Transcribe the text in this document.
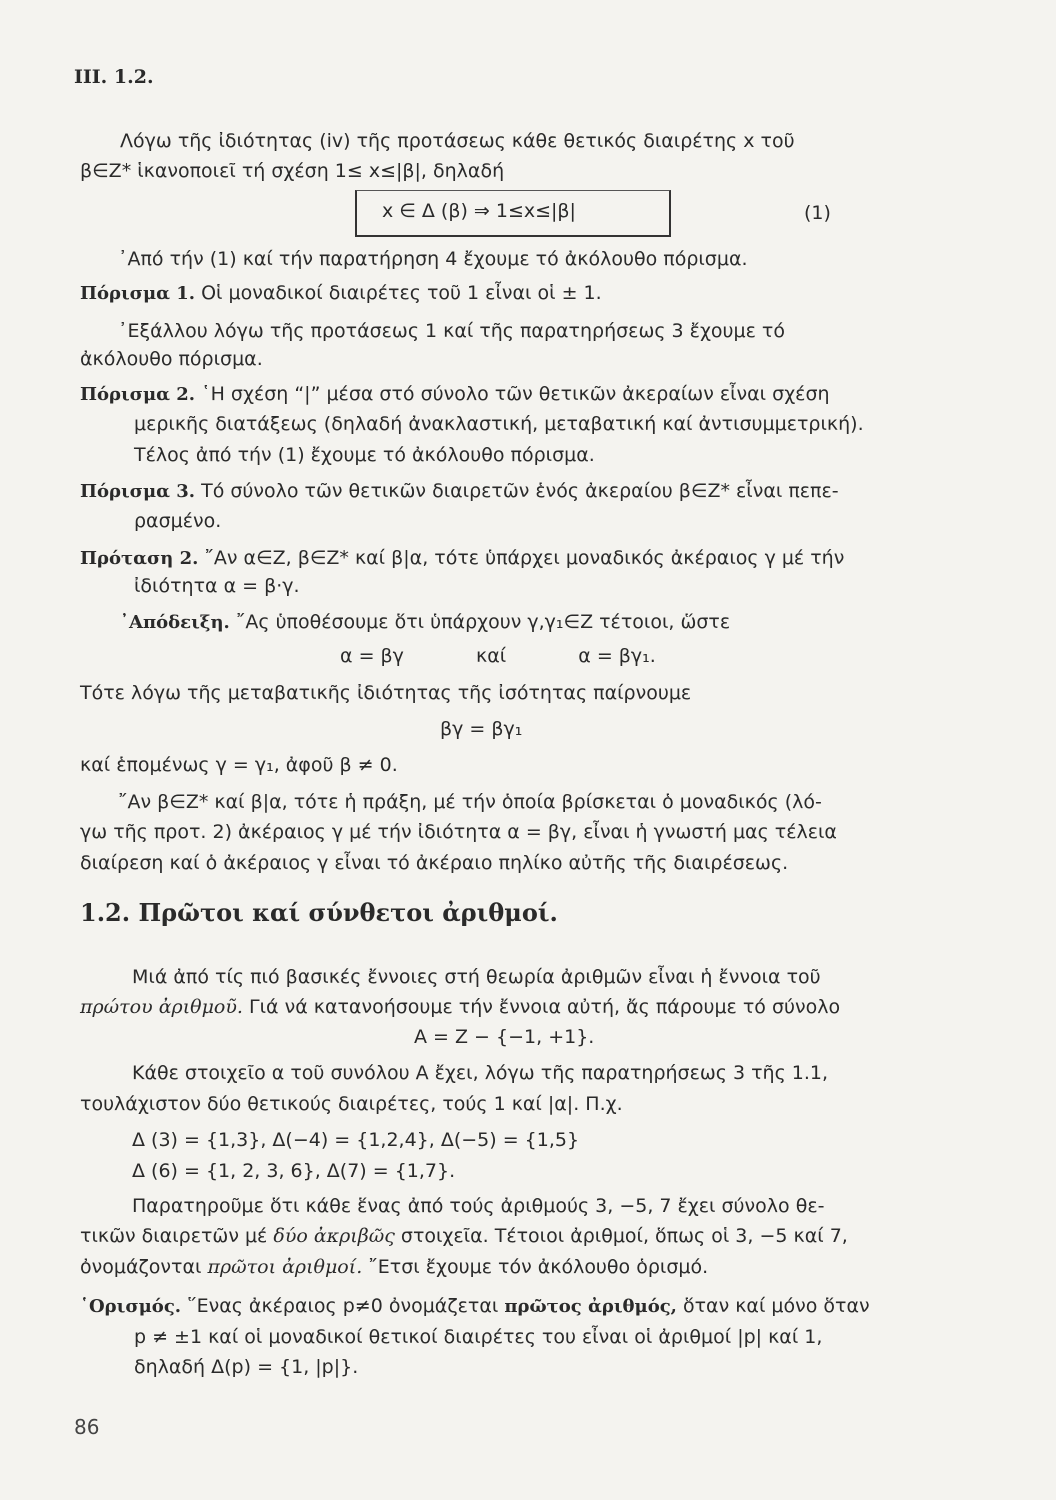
ΙΙΙ. 1.2.
Λόγω τῆς ἰδιότητας (iv) τῆς προτάσεως κάθε θετικός διαιρέτης x τοῦ
β∈Z* ἱκανοποιεῖ τή σχέση 1≤ x≤|β|, δηλαδή
x ∈ Δ (β) ⇒ 1≤x≤|β|	(1)
᾿Από τήν (1) καί τήν παρατήρηση 4 ἔχουμε τό ἀκόλουθο πόρισμα.
Πόρισμα 1. Οἱ μοναδικοί διαιρέτες τοῦ 1 εἶναι οἱ ± 1.
᾿Εξάλλου λόγω τῆς προτάσεως 1 καί τῆς παρατηρήσεως 3 ἔχουμε τό
ἀκόλουθο πόρισμα.
Πόρισμα 2. ῾Η σχέση “|” μέσα στό σύνολο τῶν θετικῶν ἀκεραίων εἶναι σχέση
μερικῆς διατάξεως (δηλαδή ἀνακλαστική, μεταβατική καί ἀντισυμμετρική).
Τέλος ἀπό τήν (1) ἔχουμε τό ἀκόλουθο πόρισμα.
Πόρισμα 3. Τό σύνολο τῶν θετικῶν διαιρετῶν ἑνός ἀκεραίου β∈Z* εἶναι πεπε-
ρασμένο.
Πρόταση 2. ῎Αν α∈Z, β∈Z* καί β|α, τότε ὑπάρχει μοναδικός ἀκέραιος γ μέ τήν
ἰδιότητα α = β·γ.
᾿Απόδειξη. ῎Ας ὑποθέσουμε ὅτι ὑπάρχουν γ,γ₁∈Z τέτοιοι, ὥστε
α = βγ	καί	α = βγ₁.
Τότε λόγω τῆς μεταβατικῆς ἰδιότητας τῆς ἰσότητας παίρνουμε
βγ = βγ₁
καί ἑπομένως γ = γ₁, ἀφοῦ β ≠ 0.
῎Αν β∈Z* καί β|α, τότε ἡ πράξη, μέ τήν ὁποία βρίσκεται ὁ μοναδικός (λό-
γω τῆς προτ. 2) ἀκέραιος γ μέ τήν ἰδιότητα α = βγ, εἶναι ἡ γνωστή μας τέλεια
διαίρεση καί ὁ ἀκέραιος γ εἶναι τό ἀκέραιο πηλίκο αὐτῆς τῆς διαιρέσεως.
1.2. Πρῶτοι καί σύνθετοι ἀριθμοί.
Μιά ἀπό τίς πιό βασικές ἔννοιες στή θεωρία ἀριθμῶν εἶναι ἡ ἔννοια τοῦ
πρώτου ἀριθμοῦ. Γιά νά κατανοήσουμε τήν ἔννοια αὐτή, ἄς πάρουμε τό σύνολο
A = Z − {−1, +1}.
Κάθε στοιχεῖο α τοῦ συνόλου Α ἔχει, λόγω τῆς παρατηρήσεως 3 τῆς 1.1,
τουλάχιστον δύο θετικούς διαιρέτες, τούς 1 καί |α|. Π.χ.
Δ (3) = {1,3}, Δ(−4) = {1,2,4}, Δ(−5) = {1,5}
Δ (6) = {1, 2, 3, 6}, Δ(7) = {1,7}.
Παρατηροῦμε ὅτι κάθε ἕνας ἀπό τούς ἀριθμούς 3, −5, 7 ἔχει σύνολο θε-
τικῶν διαιρετῶν μέ δύο ἀκριβῶς στοιχεῖα. Τέτοιοι ἀριθμοί, ὅπως οἱ 3, −5 καί 7,
ὀνομάζονται πρῶτοι ἀριθμοί. ῎Ετσι ἔχουμε τόν ἀκόλουθο ὁρισμό.
῾Ορισμός. ῞Ενας ἀκέραιος p≠0 ὀνομάζεται πρῶτος ἀριθμός, ὅταν καί μόνο ὅταν
p ≠ ±1 καί οἱ μοναδικοί θετικοί διαιρέτες του εἶναι οἱ ἀριθμοί |p| καί 1,
δηλαδή Δ(p) = {1, |p|}.
86
